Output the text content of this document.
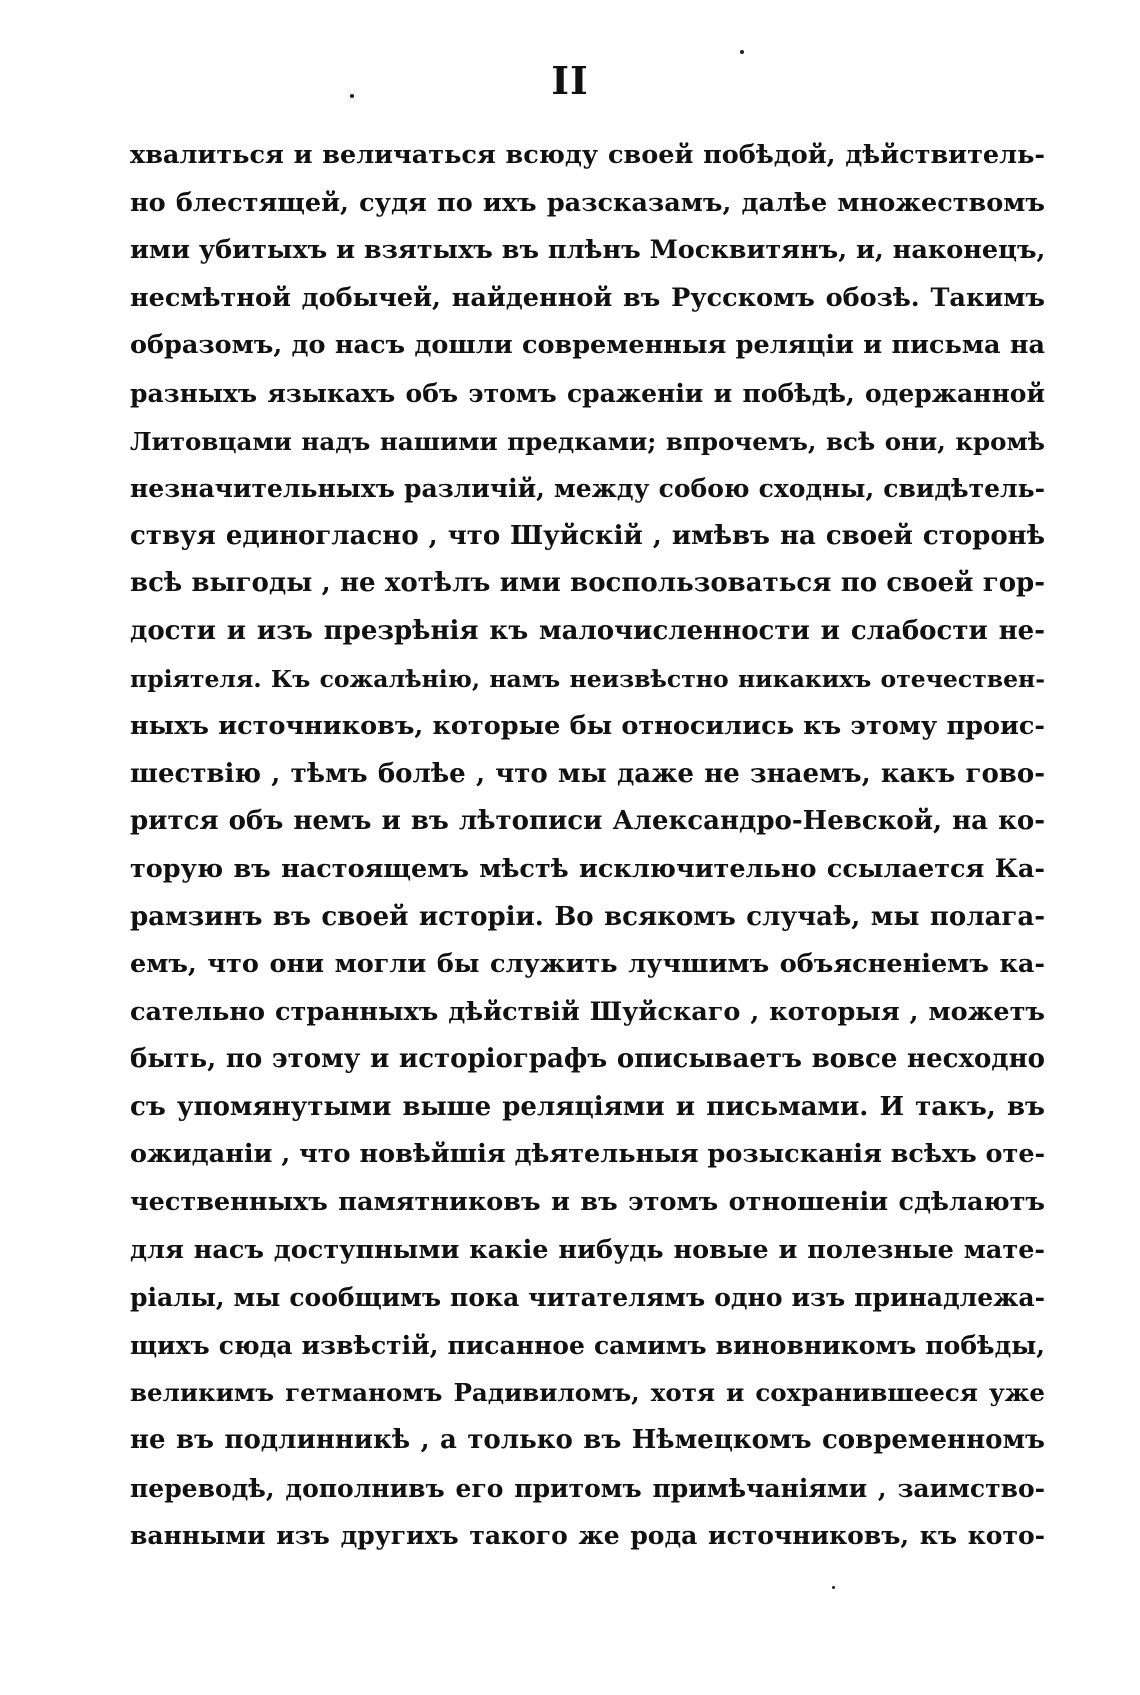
II
хвалиться и величаться всюду своей побѣдой, дѣйствитель-
но блестящей, судя по ихъ разсказамъ, далѣе множествомъ
ими убитыхъ и взятыхъ въ плѣнъ Москвитянъ, и, наконецъ,
несмѣтной добычей, найденной въ Русскомъ обозѣ. Такимъ
образомъ, до насъ дошли современныя реляціи и письма на
разныхъ языкахъ объ этомъ сраженіи и побѣдѣ, одержанной
Литовцами надъ нашими предками; впрочемъ, всѣ они, кромѣ
незначительныхъ различій, между собою сходны, свидѣтель-
ствуя единогласно , что Шуйскій , имѣвъ на своей сторонѣ
всѣ выгоды , не хотѣлъ ими воспользоваться по своей гор-
дости и изъ презрѣнія къ малочисленности и слабости не-
пріятеля. Къ сожалѣнію, намъ неизвѣстно никакихъ отечествен-
ныхъ источниковъ, которые бы относились къ этому проис-
шествію , тѣмъ болѣе , что мы даже не знаемъ, какъ гово-
рится объ немъ и въ лѣтописи Александро-Невской, на ко-
торую въ настоящемъ мѣстѣ исключительно ссылается Ка-
рамзинъ въ своей исторіи. Во всякомъ случаѣ, мы полага-
емъ, что они могли бы служить лучшимъ объясненіемъ ка-
сательно странныхъ дѣйствій Шуйскаго , которыя , можетъ
быть, по этому и исторіографъ описываетъ вовсе несходно
съ упомянутыми выше реляціями и письмами. И такъ, въ
ожиданіи , что новѣйшія дѣятельныя розысканія всѣхъ оте-
чественныхъ памятниковъ и въ этомъ отношеніи сдѣлаютъ
для насъ доступными какіе нибудь новые и полезные мате-
ріалы, мы сообщимъ пока читателямъ одно изъ принадлежа-
щихъ сюда извѣстій, писанное самимъ виновникомъ побѣды,
великимъ гетманомъ Радивиломъ, хотя и сохранившееся уже
не въ подлинникѣ , а только въ Нѣмецкомъ современномъ
переводѣ, дополнивъ его притомъ примѣчаніями , заимство-
ванными изъ другихъ такого же рода источниковъ, къ кото-
